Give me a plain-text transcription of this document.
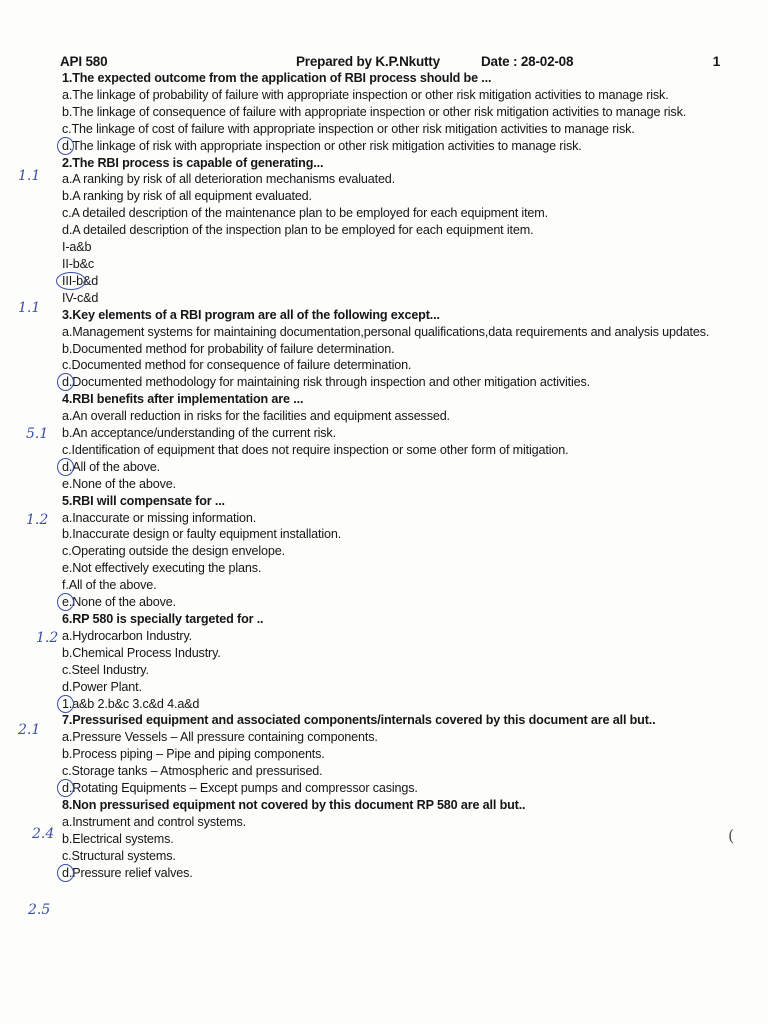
API 580	Prepared by K.P.Nkutty	Date : 28-02-08	1
1.1
1.1
5.1
1.2
1.2
2.1
2.4
2.5
(
1.The expected outcome from the application of RBI process should be ...
a.The linkage of probability of failure with appropriate inspection or other risk mitigation activities to manage risk.
b.The linkage of consequence of failure with appropriate inspection or other risk mitigation activities to manage risk.
c.The linkage of cost of failure with appropriate inspection or other risk mitigation activities to manage risk.
d.The linkage of risk with appropriate inspection or other risk mitigation activities to manage risk.
2.The RBI process is capable of generating...
a.A ranking by risk of all deterioration mechanisms evaluated.
b.A ranking by risk of all equipment evaluated.
c.A detailed description of the maintenance plan to be employed for each equipment item.
d.A detailed description of the inspection plan to be employed for each equipment item.
I-a&b
II-b&c
III-b&d
IV-c&d
3.Key elements of a RBI program are all of the following except...
a.Management systems for maintaining documentation,personal qualifications,data requirements and analysis updates.
b.Documented method for probability of failure determination.
c.Documented method for consequence of failure determination.
d.Documented methodology for maintaining risk through inspection and other mitigation activities.
4.RBI benefits after implementation are ...
a.An overall reduction in risks for the facilities and equipment assessed.
b.An acceptance/understanding of the current risk.
c.Identification of equipment that does not require inspection or some other form of mitigation.
d.All of the above.
e.None of the above.
5.RBI will compensate for ...
a.Inaccurate or missing information.
b.Inaccurate design or faulty equipment installation.
c.Operating outside the design envelope.
e.Not effectively executing the plans.
f.All of the above.
e.None of the above.
6.RP 580 is specially targeted for ..
a.Hydrocarbon Industry.
b.Chemical Process Industry.
c.Steel Industry.
d.Power Plant.
1.a&b 2.b&c 3.c&d 4.a&d
7.Pressurised equipment and associated components/internals covered by this document are all but..
a.Pressure Vessels – All pressure containing components.
b.Process piping – Pipe and piping components.
c.Storage tanks – Atmospheric and pressurised.
d.Rotating Equipments – Except pumps and compressor casings.
8.Non pressurised equipment not covered by this document RP 580 are all but..
a.Instrument and control systems.
b.Electrical systems.
c.Structural systems.
d.Pressure relief valves.
